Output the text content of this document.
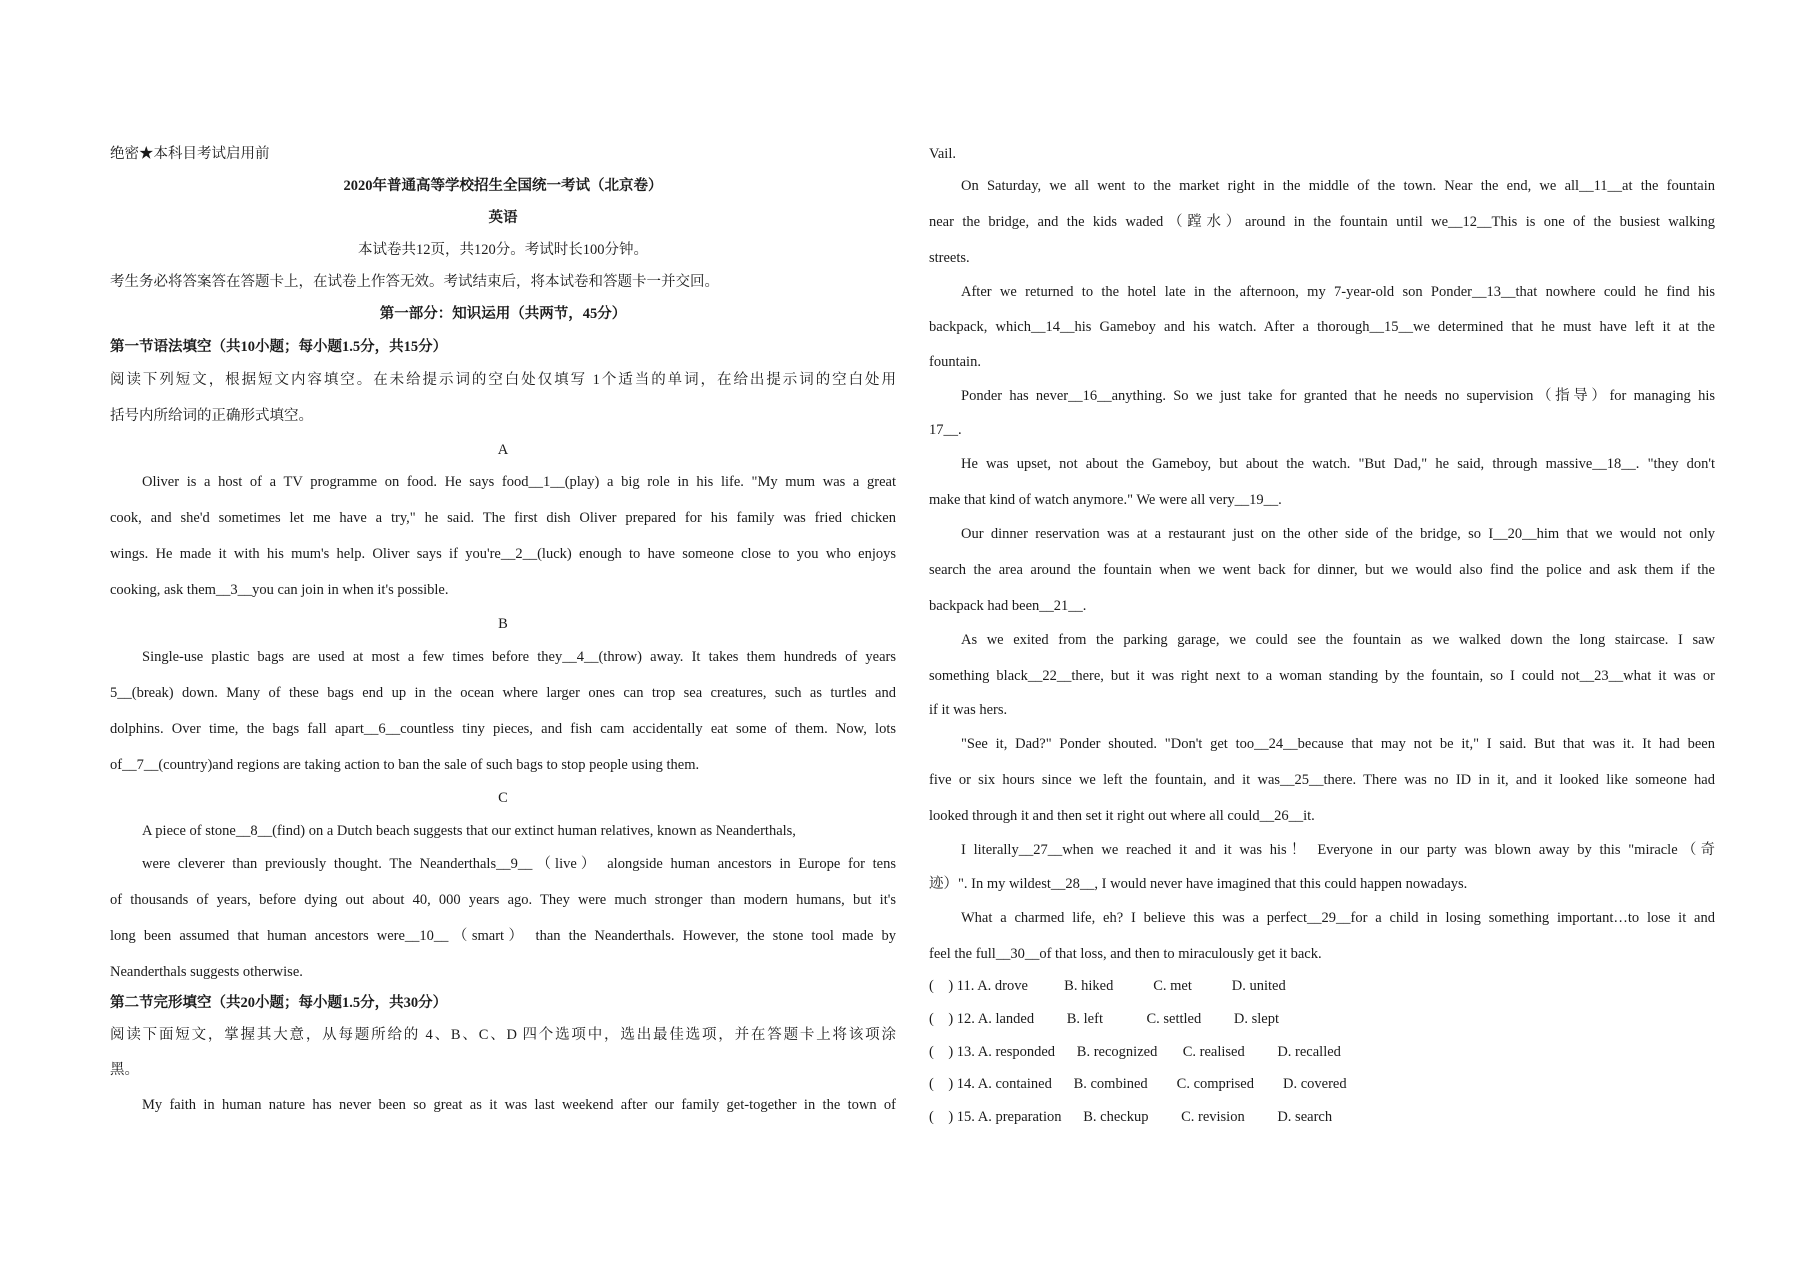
绝密★本科目考试启用前
2020年普通高等学校招生全国统一考试（北京卷）
英语
本试卷共12页，共120分。考试时长100分钟。
考生务必将答案答在答题卡上，在试卷上作答无效。考试结束后，将本试卷和答题卡一并交回。
第一部分：知识运用（共两节，45分）
第一节语法填空（共10小题；每小题1.5分，共15分）
阅读下列短文，根据短文内容填空。在未给提示词的空白处仅填写 1个适当的单词，在给出提示词的空白处用
括号内所给词的正确形式填空。
A
Oliver is a host of a TV programme on food. He says food__1__(play) a big role in his life. "My mum was a great
cook, and she'd sometimes let me have a try," he said. The first dish Oliver prepared for his family was fried chicken
wings. He made it with his mum's help. Oliver says if you're__2__(luck) enough to have someone close to you who enjoys
cooking, ask them__3__you can join in when it's possible.
B
Single-use plastic bags are used at most a few times before they__4__(throw) away. It takes them hundreds of years
5__(break) down. Many of these bags end up in the ocean where larger ones can trop sea creatures, such as turtles and
dolphins. Over time, the bags fall apart__6__countless tiny pieces, and fish cam accidentally eat some of them. Now, lots
of__7__(country)and regions are taking action to ban the sale of such bags to stop people using them.
C
A piece of stone__8__(find) on a Dutch beach suggests that our extinct human relatives, known as Neanderthals,
were cleverer than previously thought. The Neanderthals__9__（live） alongside human ancestors in Europe for tens
of thousands of years, before dying out about 40, 000 years ago. They were much stronger than modern humans, but it's
long been assumed that human ancestors were__10__（smart） than the Neanderthals. However, the stone tool made by
Neanderthals suggests otherwise.
第二节完形填空（共20小题；每小题1.5分，共30分）
阅读下面短文，掌握其大意，从每题所给的 4、B、C、D 四个选项中，选出最佳选项，并在答题卡上将该项涂
黑。
My faith in human nature has never been so great as it was last weekend after our family get-together in the town of
Vail.
On Saturday, we all went to the market right in the middle of the town. Near the end, we all__11__at the fountain
near the bridge, and the kids waded（蹚水）around in the fountain until we__12__This is one of the busiest walking
streets.
After we returned to the hotel late in the afternoon, my 7-year-old son Ponder__13__that nowhere could he find his
backpack, which__14__his Gameboy and his watch. After a thorough__15__we determined that he must have left it at the
fountain.
Ponder has never__16__anything. So we just take for granted that he needs no supervision（指导）for managing his
17__.
He was upset, not about the Gameboy, but about the watch. "But Dad," he said, through massive__18__. "they don't
make that kind of watch anymore." We were all very__19__.
Our dinner reservation was at a restaurant just on the other side of the bridge, so I__20__him that we would not only
search the area around the fountain when we went back for dinner, but we would also find the police and ask them if the
backpack had been__21__.
As we exited from the parking garage, we could see the fountain as we walked down the long staircase. I saw
something black__22__there, but it was right next to a woman standing by the fountain, so I could not__23__what it was or
if it was hers.
"See it, Dad?" Ponder shouted. "Don't get too__24__because that may not be it," I said. But that was it. It had been
five or six hours since we left the fountain, and it was__25__there. There was no ID in it, and it looked like someone had
looked through it and then set it right out where all could__26__it.
I literally__27__when we reached it and it was his！ Everyone in our party was blown away by this "miracle（奇
迹）". In my wildest__28__, I would never have imagined that this could happen nowadays.
What a charmed life, eh? I believe this was a perfect__29__for a child in losing something important…to lose it and
feel the full__30__of that loss, and then to miraculously get it back.
(    ) 11. A. drove          B. hiked           C. met           D. united
(    ) 12. A. landed         B. left            C. settled         D. slept
(    ) 13. A. responded      B. recognized       C. realised         D. recalled
(    ) 14. A. contained      B. combined        C. comprised        D. covered
(    ) 15. A. preparation      B. checkup         C. revision         D. search
